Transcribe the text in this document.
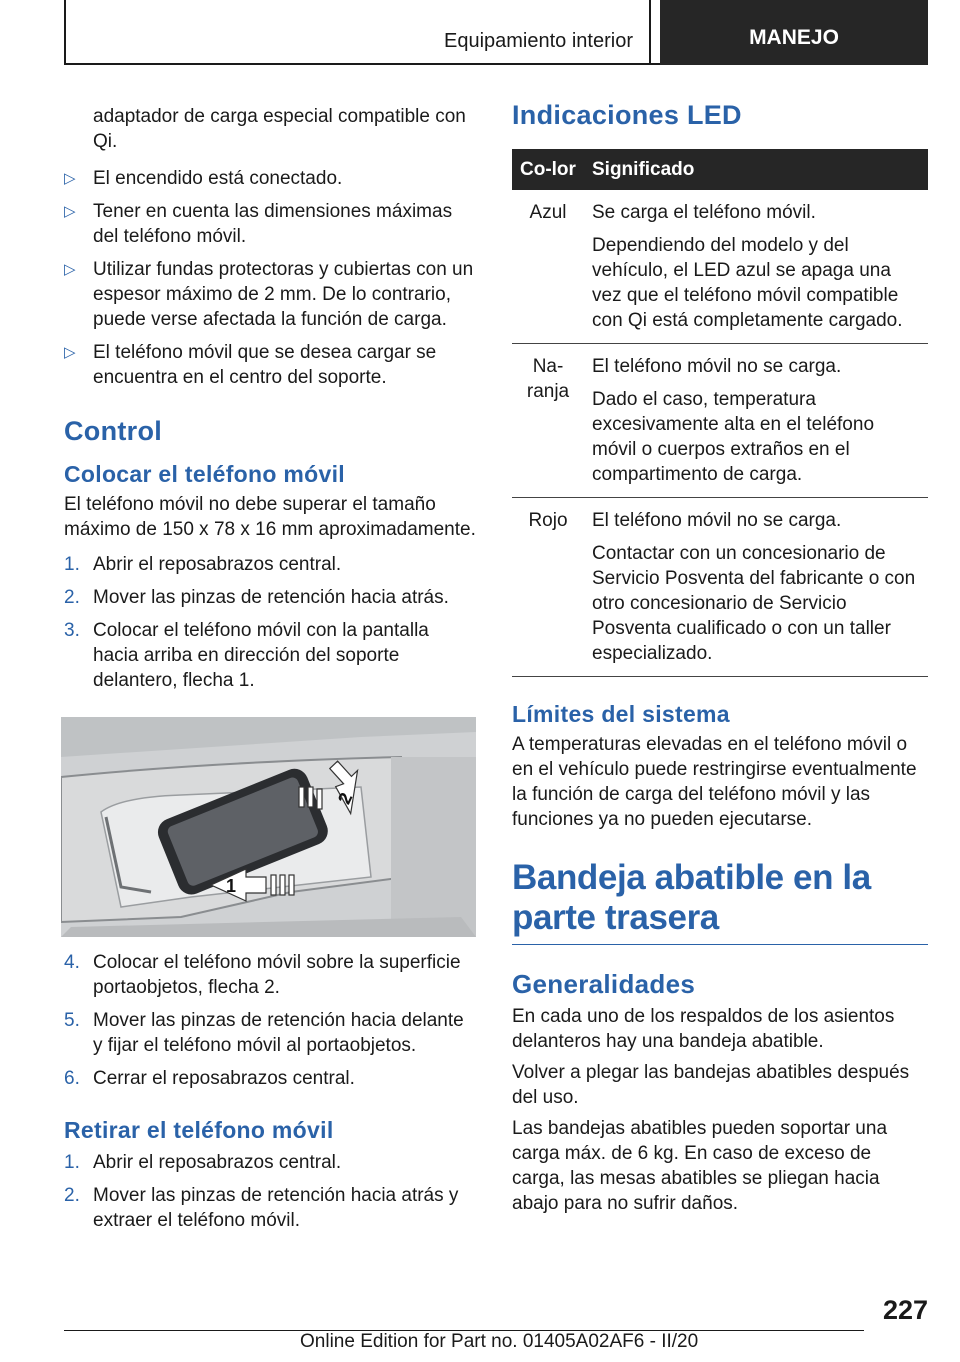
Equipamiento interior	MANEJO

adaptador de carga especial compatible con Qi.

▷ El encendido está conectado.
▷ Tener en cuenta las dimensiones máximas del teléfono móvil.
▷ Utilizar fundas protectoras y cubiertas con un espesor máximo de 2 mm. De lo contrario, puede verse afectada la función de carga.
▷ El teléfono móvil que se desea cargar se encuentra en el centro del soporte.
Control
Colocar el teléfono móvil

El teléfono móvil no debe superar el tamaño máximo de 150 x 78 x 16 mm aproximadamente.

1. Abrir el reposabrazos central.
2. Mover las pinzas de retención hacia atrás.
3. Colocar el teléfono móvil con la pantalla hacia arriba en dirección del soporte delantero, flecha 1.
1
2
4. Colocar el teléfono móvil sobre la superficie portaobjetos, flecha 2.
5. Mover las pinzas de retención hacia delante y fijar el teléfono móvil al portaobjetos.
6. Cerrar el reposabrazos central.
Retirar el teléfono móvil
1. Abrir el reposabrazos central.
2. Mover las pinzas de retención hacia atrás y extraer el teléfono móvil.
Indicaciones LED
Co-lor	Significado
Azul	Se carga el teléfono móvil.

Dependiendo del modelo y del vehículo, el LED azul se apaga una vez que el teléfono móvil compatible con Qi está completamente cargado.

Na-ranja	El teléfono móvil no se carga.

Dado el caso, temperatura excesivamente alta en el teléfono móvil o cuerpos extraños en el compartimento de carga.

Rojo	El teléfono móvil no se carga.

Contactar con un concesionario de Servicio Posventa del fabricante o con otro concesionario de Servicio Posventa cualificado o con un taller especializado.

Límites del sistema

A temperaturas elevadas en el teléfono móvil o en el vehículo puede restringirse eventualmente la función de carga del teléfono móvil y las funciones ya no pueden ejecutarse.

Bandeja abatible en la parte trasera
Generalidades

En cada uno de los respaldos de los asientos delanteros hay una bandeja abatible.

Volver a plegar las bandejas abatibles después del uso.

Las bandejas abatibles pueden soportar una carga máx. de 6 kg. En caso de exceso de carga, las mesas abatibles se pliegan hacia abajo para no sufrir daños.

227
Online Edition for Part no. 01405A02AF6 - II/20
